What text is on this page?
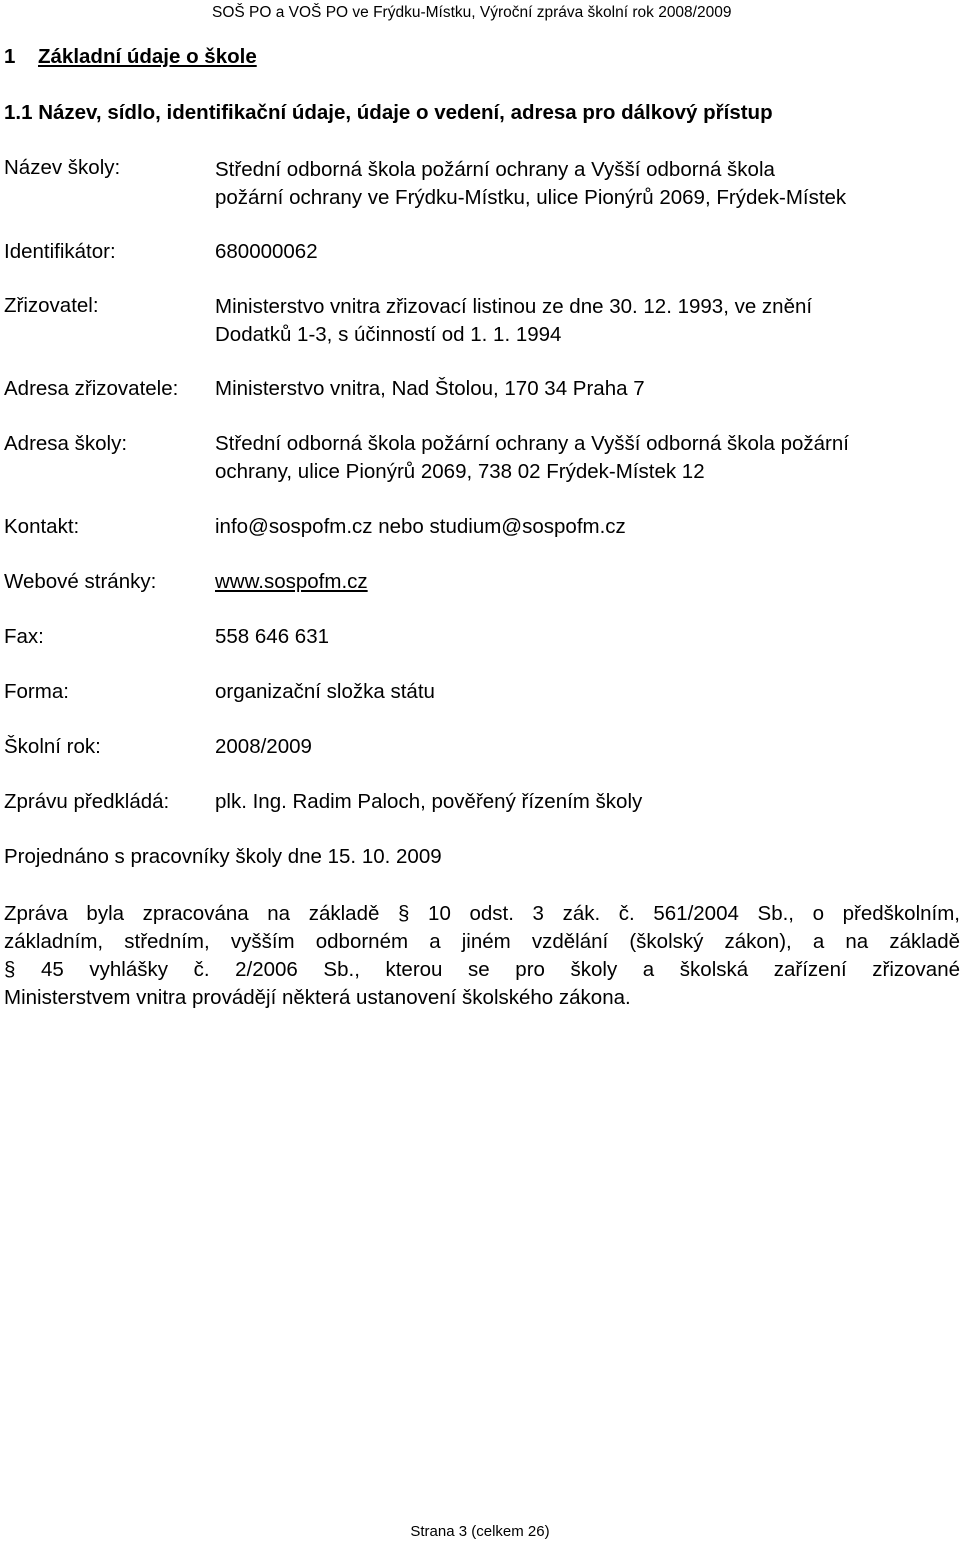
SOŠ PO a VOŠ PO ve Frýdku-Místku, Výroční zpráva školní rok 2008/2009
1 Základní údaje o škole
1.1 Název, sídlo, identifikační údaje, údaje o vedení, adresa pro dálkový přístup
Název školy:	Střední odborná škola požární ochrany a Vyšší odborná škola
požární ochrany ve Frýdku-Místku, ulice Pionýrů 2069, Frýdek-Místek
Identifikátor:	680000062
Zřizovatel:	Ministerstvo vnitra zřizovací listinou ze dne 30. 12. 1993, ve znění
Dodatků 1-3, s účinností od 1. 1. 1994
Adresa zřizovatele: Ministerstvo vnitra, Nad Štolou, 170 34 Praha 7
Adresa školy:	Střední odborná škola požární ochrany a Vyšší odborná škola požární
ochrany, ulice Pionýrů 2069, 738 02 Frýdek-Místek 12
Kontakt:	info@sospofm.cz nebo studium@sospofm.cz
Webové stránky:	www.sospofm.cz
Fax:	558 646 631
Forma:	organizační složka státu
Školní rok:	2008/2009
Zprávu předkládá: plk. Ing. Radim Paloch, pověřený řízením školy
Projednáno s pracovníky školy dne 15. 10. 2009
Zpráva byla zpracována na základě § 10 odst. 3 zák. č. 561/2004 Sb., o předškolním,
základním, středním, vyšším odborném a jiném vzdělání (školský zákon), a na základě
§ 45 vyhlášky č. 2/2006 Sb., kterou se pro školy a školská zařízení zřizované
Ministerstvem vnitra provádějí některá ustanovení školského zákona.
Strana 3 (celkem 26)
